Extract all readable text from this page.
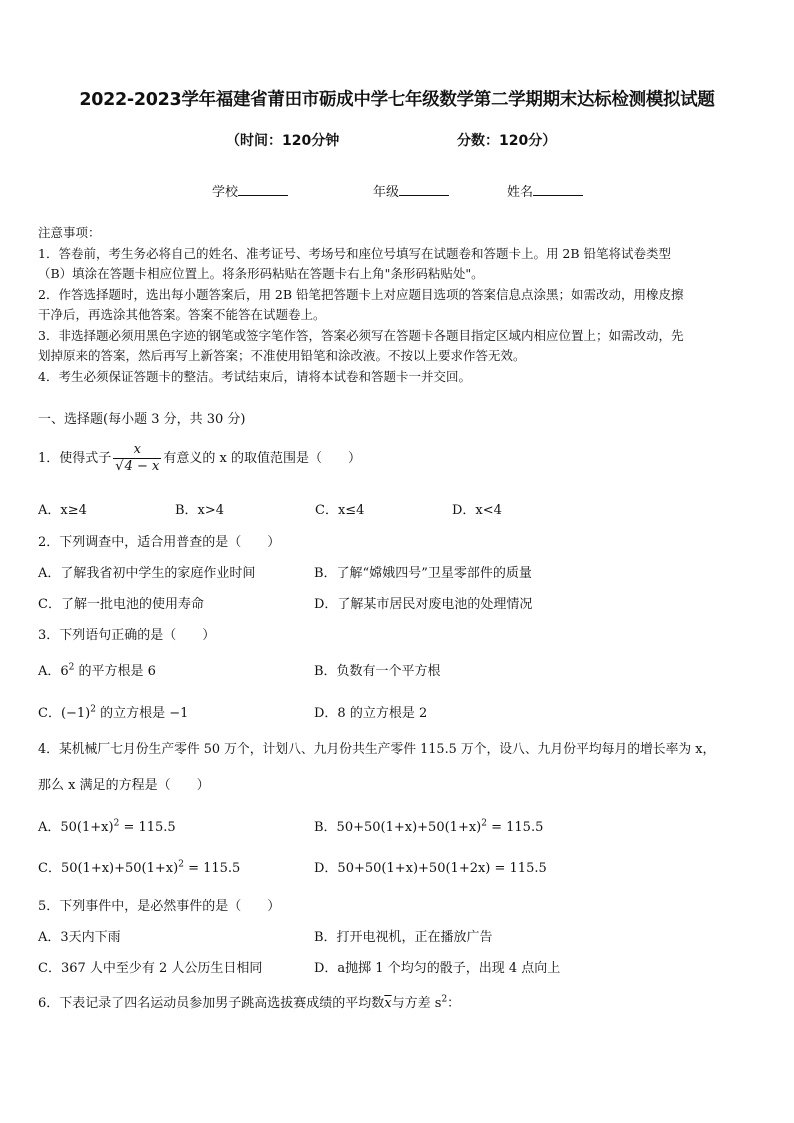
2022-2023学年福建省莆田市砺成中学七年级数学第二学期期末达标检测模拟试题
（时间：120分钟	分数：120分）
学校	年级	姓名
注意事项：
1．答卷前，考生务必将自己的姓名、准考证号、考场号和座位号填写在试题卷和答题卡上。用 2B 铅笔将试卷类型
（B）填涂在答题卡相应位置上。将条形码粘贴在答题卡右上角"条形码粘贴处"。
2．作答选择题时，选出每小题答案后，用 2B 铅笔把答题卡上对应题目选项的答案信息点涂黑；如需改动，用橡皮擦
干净后，再选涂其他答案。答案不能答在试题卷上。
3．非选择题必须用黑色字迹的钢笔或签字笔作答，答案必须写在答题卡各题目指定区域内相应位置上；如需改动，先
划掉原来的答案，然后再写上新答案；不准使用铅笔和涂改液。不按以上要求作答无效。
4．考生必须保证答题卡的整洁。考试结束后，请将本试卷和答题卡一并交回。
一、选择题(每小题 3 分，共 30 分)
1．使得式子 $\frac{x}{√4 - x}$ 有意义的 x 的取值范围是（　　）
A．x≥4	B．x>4	C．x≤4	D．x<4
2．下列调查中，适合用普查的是（　　）
A．了解我省初中学生的家庭作业时间	B．了解“嫦娥四号”卫星零部件的质量
C．了解一批电池的使用寿命	D．了解某市居民对废电池的处理情况
3．下列语句正确的是（　　）
A．$6^2$ 的平方根是 6	B．负数有一个平方根
C．$(-1)^2$ 的立方根是 −1	D．8 的立方根是 2
4．某机械厂七月份生产零件 50 万个，计划八、九月份共生产零件 115.5 万个，设八、九月份平均每月的增长率为 x，
那么 x 满足的方程是（　　）
A．$50(1+x)^2 = 115.5$	B．$50+50(1+x)+50(1+x)^2 = 115.5$
C．$50(1+x)+50(1+x)^2 = 115.5$	D．50+50(1+x)+50(1+2x) = 115.5
5．下列事件中，是必然事件的是（　　）
A．3天内下雨	B．打开电视机，正在播放广告
C．367 人中至少有 2 人公历生日相同	D．a抛掷 1 个均匀的骰子，出现 4 点向上
6．下表记录了四名运动员参加男子跳高选拔赛成绩的平均数$\overline{x}$与方差 $s^2$：
